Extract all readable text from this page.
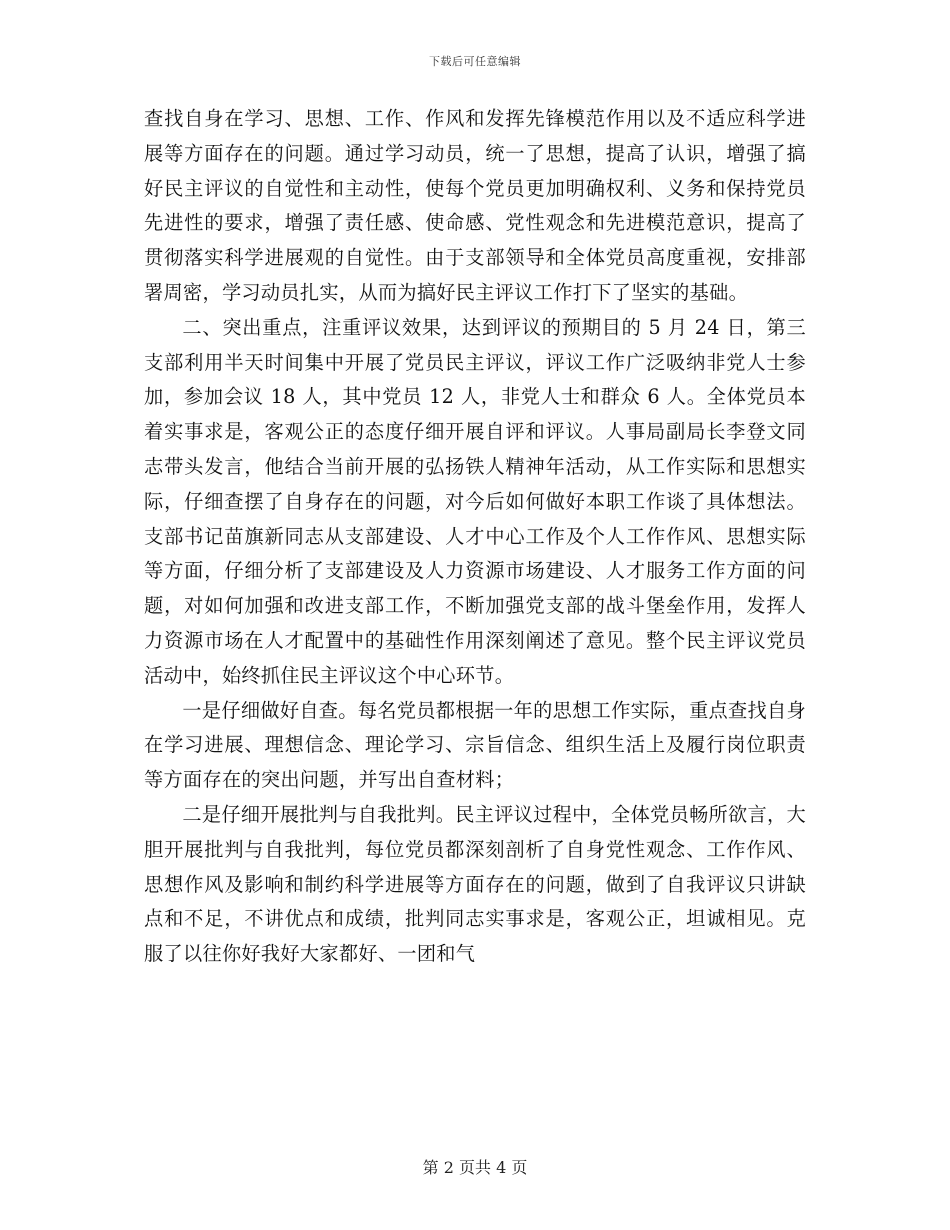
下载后可任意编辑

查找自身在学习、思想、工作、作风和发挥先锋模范作用以及不适应科学进展等方面存在的问题。通过学习动员，统一了思想，提高了认识，增强了搞好民主评议的自觉性和主动性，使每个党员更加明确权利、义务和保持党员先进性的要求，增强了责任感、使命感、党性观念和先进模范意识，提高了贯彻落实科学进展观的自觉性。由于支部领导和全体党员高度重视，安排部署周密，学习动员扎实，从而为搞好民主评议工作打下了坚实的基础。

二、突出重点，注重评议效果，达到评议的预期目的 5 月 24 日，第三支部利用半天时间集中开展了党员民主评议，评议工作广泛吸纳非党人士参加，参加会议 18 人，其中党员 12 人，非党人士和群众 6 人。全体党员本着实事求是，客观公正的态度仔细开展自评和评议。人事局副局长李登文同志带头发言，他结合当前开展的弘扬铁人精神年活动，从工作实际和思想实际，仔细查摆了自身存在的问题，对今后如何做好本职工作谈了具体想法。支部书记苗旗新同志从支部建设、人才中心工作及个人工作作风、思想实际等方面，仔细分析了支部建设及人力资源市场建设、人才服务工作方面的问题，对如何加强和改进支部工作，不断加强党支部的战斗堡垒作用，发挥人力资源市场在人才配置中的基础性作用深刻阐述了意见。整个民主评议党员活动中，始终抓住民主评议这个中心环节。

一是仔细做好自查。每名党员都根据一年的思想工作实际，重点查找自身在学习进展、理想信念、理论学习、宗旨信念、组织生活上及履行岗位职责等方面存在的突出问题，并写出自查材料；

二是仔细开展批判与自我批判。民主评议过程中，全体党员畅所欲言，大胆开展批判与自我批判，每位党员都深刻剖析了自身党性观念、工作作风、思想作风及影响和制约科学进展等方面存在的问题，做到了自我评议只讲缺点和不足，不讲优点和成绩，批判同志实事求是，客观公正，坦诚相见。克服了以往你好我好大家都好、一团和气

第 2 页共 4 页
